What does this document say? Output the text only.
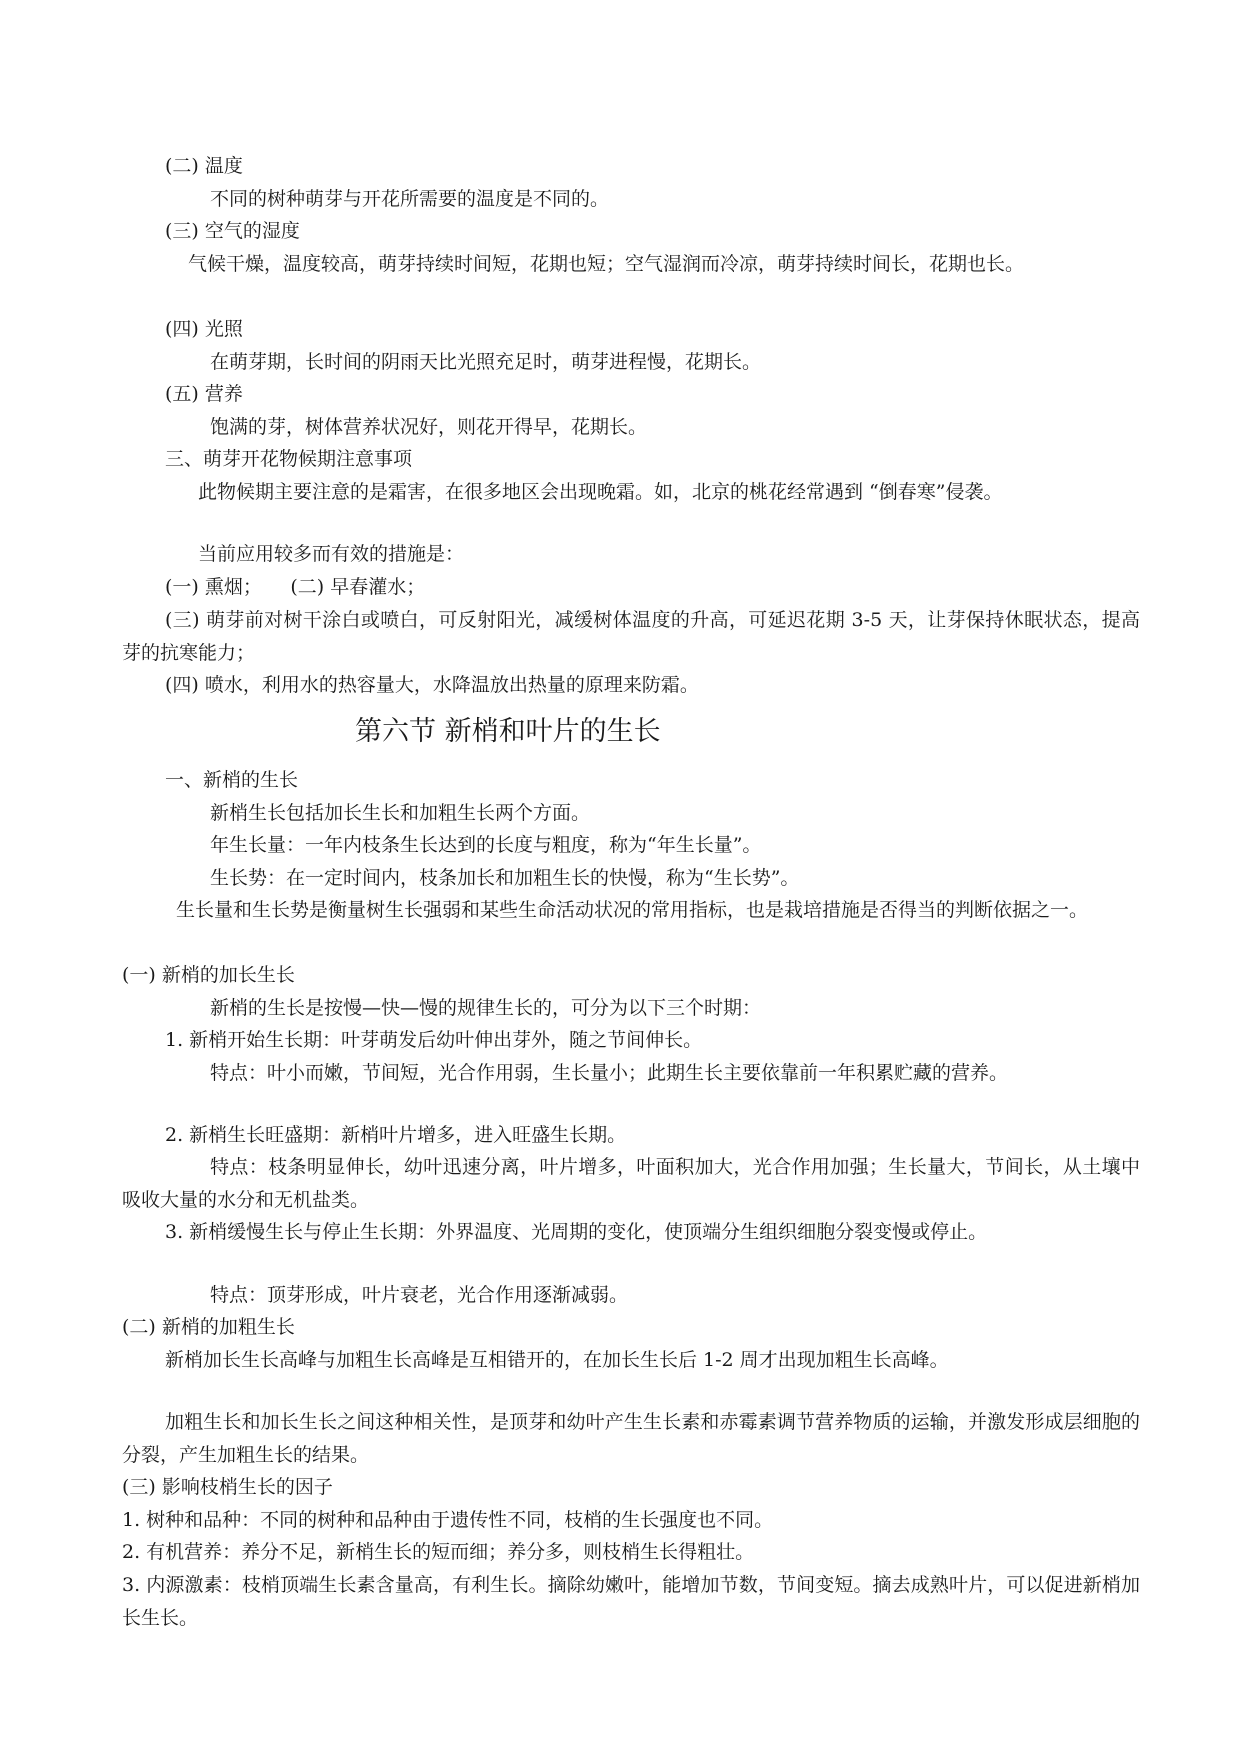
(二) 温度
不同的树种萌芽与开花所需要的温度是不同的。
(三) 空气的湿度
气候干燥，温度较高，萌芽持续时间短，花期也短；空气湿润而冷凉，萌芽持续时间长，花期也长。
(四) 光照
在萌芽期，长时间的阴雨天比光照充足时，萌芽进程慢，花期长。
(五) 营养
饱满的芽，树体营养状况好，则花开得早，花期长。
三、萌芽开花物候期注意事项
此物候期主要注意的是霜害，在很多地区会出现晚霜。如，北京的桃花经常遇到 “倒春寒”侵袭。
当前应用较多而有效的措施是：
(一) 熏烟；　　(二) 早春灌水；
(三) 萌芽前对树干涂白或喷白，可反射阳光，减缓树体温度的升高，可延迟花期 3-5 天，让芽保持休眠状态，提高芽的抗寒能力；
(四) 喷水，利用水的热容量大，水降温放出热量的原理来防霜。
第六节 新梢和叶片的生长
一、新梢的生长
新梢生长包括加长生长和加粗生长两个方面。
年生长量：一年内枝条生长达到的长度与粗度，称为“年生长量”。
生长势：在一定时间内，枝条加长和加粗生长的快慢，称为“生长势”。
生长量和生长势是衡量树生长强弱和某些生命活动状况的常用指标，也是栽培措施是否得当的判断依据之一。
(一) 新梢的加长生长
新梢的生长是按慢—快—慢的规律生长的，可分为以下三个时期：
1. 新梢开始生长期：叶芽萌发后幼叶伸出芽外，随之节间伸长。
特点：叶小而嫩，节间短，光合作用弱，生长量小；此期生长主要依靠前一年积累贮藏的营养。
2. 新梢生长旺盛期：新梢叶片增多，进入旺盛生长期。
特点：枝条明显伸长，幼叶迅速分离，叶片增多，叶面积加大，光合作用加强；生长量大，节间长，从土壤中吸收大量的水分和无机盐类。
3. 新梢缓慢生长与停止生长期：外界温度、光周期的变化，使顶端分生组织细胞分裂变慢或停止。
特点：顶芽形成，叶片衰老，光合作用逐渐减弱。
(二) 新梢的加粗生长
新梢加长生长高峰与加粗生长高峰是互相错开的，在加长生长后 1-2 周才出现加粗生长高峰。
加粗生长和加长生长之间这种相关性，是顶芽和幼叶产生生长素和赤霉素调节营养物质的运输，并激发形成层细胞的分裂，产生加粗生长的结果。
(三) 影响枝梢生长的因子
1. 树种和品种：不同的树种和品种由于遗传性不同，枝梢的生长强度也不同。
2. 有机营养：养分不足，新梢生长的短而细；养分多，则枝梢生长得粗壮。
3. 内源激素：枝梢顶端生长素含量高，有利生长。摘除幼嫩叶，能增加节数，节间变短。摘去成熟叶片，可以促进新梢加长生长。
